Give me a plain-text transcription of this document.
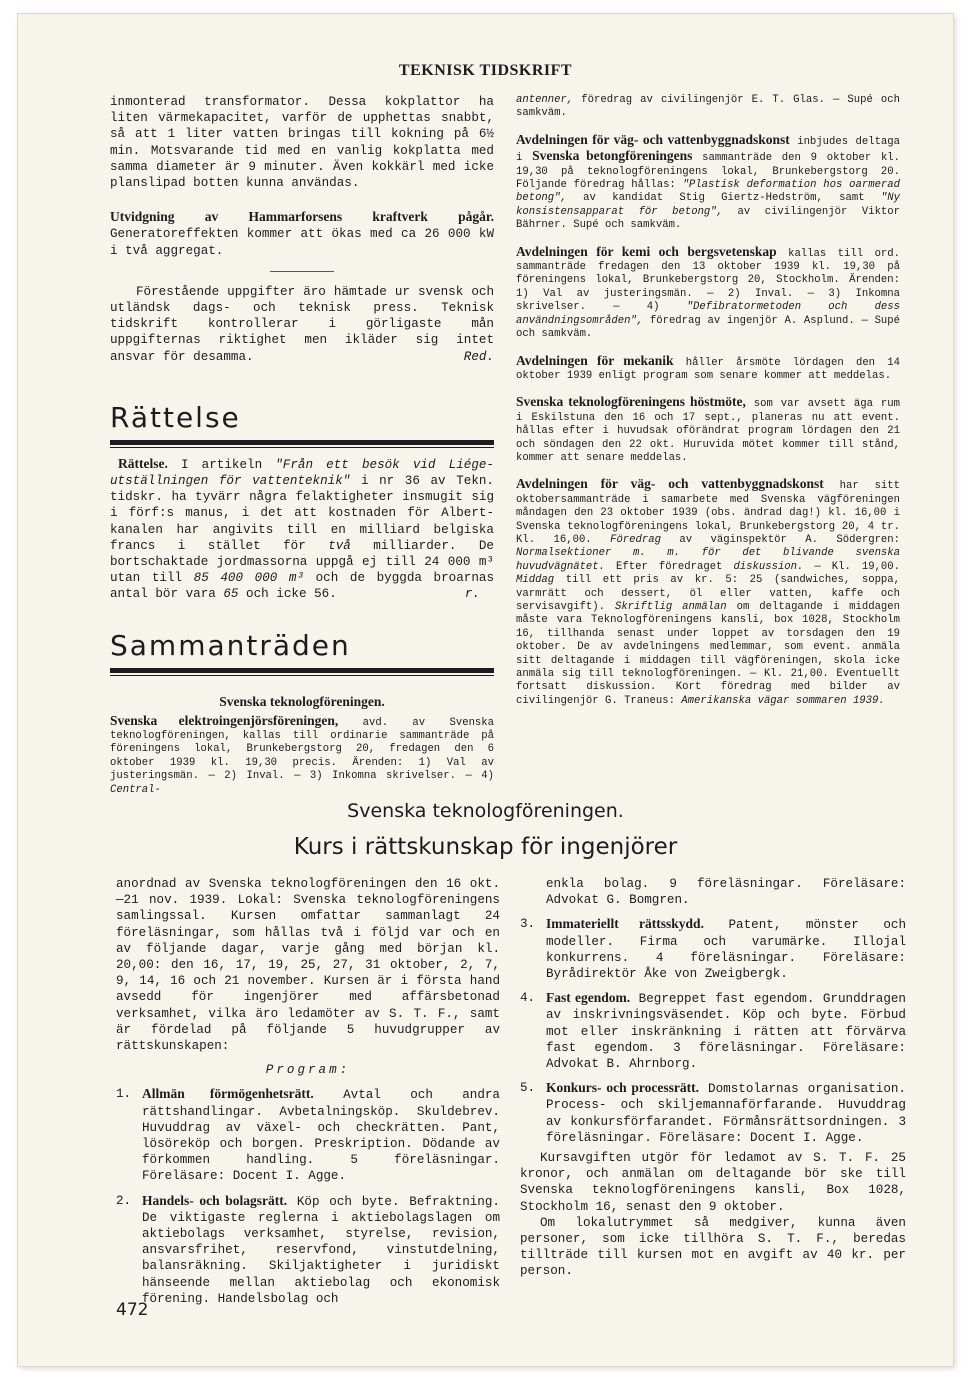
TEKNISK TIDSKRIFT

inmonterad transformator. Dessa kokplattor ha liten värmekapacitet, varför de upphettas snabbt, så att 1 liter vatten bringas till kokning på 6½ min. Motsvarande tid med en vanlig kokplatta med samma diameter är 9 minuter. Även kokkärl med icke planslipad botten kunna användas.

Utvidgning av Hammarforsens kraftverk pågår. Generatoreffekten kommer att ökas med ca 26 000 kW i två aggregat.

Förestående uppgifter äro hämtade ur svensk och utländsk dags- och teknisk press. Teknisk tidskrift kontrollerar i görligaste mån uppgifternas riktighet men ikläder sig intet ansvar för desamma.	Red.

Rättelse

Rättelse. I artikeln "Från ett besök vid Liége-utställningen för vattenteknik" i nr 36 av Tekn. tidskr. ha tyvärr några felaktigheter insmugit sig i förf:s manus, i det att kostnaden för Albert-kanalen har angivits till en milliard belgiska francs i stället för två milliarder. De bortschaktade jordmassorna uppgå ej till 24 000 m³ utan till 85 400 000 m³ och de byggda broarnas antal bör vara 65 och icke 56.	r.

Sammanträden

Svenska teknologföreningen.

Svenska elektroingenjörsföreningen, avd. av Svenska teknologföreningen, kallas till ordinarie sammanträde på föreningens lokal, Brunkebergstorg 20, fredagen den 6 oktober 1939 kl. 19,30 precis. Ärenden: 1) Val av justeringsmän. — 2) Inval. — 3) Inkomna skrivelser. — 4) Central-

antenner, föredrag av civilingenjör E. T. Glas. — Supé och samkväm.

Avdelningen för väg- och vattenbyggnadskonst inbjudes deltaga i Svenska betongföreningens sammanträde den 9 oktober kl. 19,30 på teknologföreningens lokal, Brunkebergstorg 20. Följande föredrag hållas: "Plastisk deformation hos oarmerad betong", av kandidat Stig Giertz-Hedström, samt "Ny konsistensapparat för betong", av civilingenjör Viktor Bährner. Supé och samkväm.

Avdelningen för kemi och bergsvetenskap kallas till ord. sammanträde fredagen den 13 oktober 1939 kl. 19,30 på föreningens lokal, Brunkebergstorg 20, Stockholm. Ärenden: 1) Val av justeringsmän. — 2) Inval. — 3) Inkomna skrivelser. — 4) "Defibratormetoden och dess användningsområden", föredrag av ingenjör A. Asplund. — Supé och samkväm.

Avdelningen för mekanik håller årsmöte lördagen den 14 oktober 1939 enligt program som senare kommer att meddelas.

Svenska teknologföreningens höstmöte, som var avsett äga rum i Eskilstuna den 16 och 17 sept., planeras nu att event. hållas efter i huvudsak oförändrat program lördagen den 21 och söndagen den 22 okt. Huruvida mötet kommer till stånd, kommer att senare meddelas.

Avdelningen för väg- och vattenbyggnadskonst har sitt oktobersammanträde i samarbete med Svenska vägföreningen måndagen den 23 oktober 1939 (obs. ändrad dag!) kl. 16,00 i Svenska teknologföreningens lokal, Brunkebergstorg 20, 4 tr. Kl. 16,00. Föredrag av väginspektör A. Södergren: Normalsektioner m. m. för det blivande svenska huvudvägnätet. Efter föredraget diskussion. — Kl. 19,00. Middag till ett pris av kr. 5: 25 (sandwiches, soppa, varmrätt och dessert, öl eller vatten, kaffe och servisavgift). Skriftlig anmälan om deltagande i middagen måste vara Teknologföreningens kansli, box 1028, Stockholm 16, tillhanda senast under loppet av torsdagen den 19 oktober. De av avdelningens medlemmar, som event. anmäla sitt deltagande i middagen till vägföreningen, skola icke anmäla sig till teknologföreningen. — Kl. 21,00. Eventuellt fortsatt diskussion. Kort föredrag med bilder av civilingenjör G. Traneus: Amerikanska vägar sommaren 1939.

Svenska teknologföreningen.
Kurs i rättskunskap för ingenjörer

anordnad av Svenska teknologföreningen den 16 okt.—21 nov. 1939. Lokal: Svenska teknologföreningens samlingssal. Kursen omfattar sammanlagt 24 föreläsningar, som hållas två i följd var och en av följande dagar, varje gång med början kl. 20,00: den 16, 17, 19, 25, 27, 31 oktober, 2, 7, 9, 14, 16 och 21 november. Kursen är i första hand avsedd för ingenjörer med affärsbetonad verksamhet, vilka äro ledamöter av S. T. F., samt är fördelad på följande 5 huvudgrupper av rättskunskapen:

Program:

1. Allmän förmögenhetsrätt. Avtal och andra rättshandlingar. Avbetalningsköp. Skuldebrev. Huvuddrag av växel- och checkrätten. Pant, lösöreköp och borgen. Preskription. Dödande av förkommen handling. 5 föreläsningar. Föreläsare: Docent I. Agge.
2. Handels- och bolagsrätt. Köp och byte. Befraktning. De viktigaste reglerna i aktiebolagslagen om aktiebolags verksamhet, styrelse, revision, ansvarsfrihet, reservfond, vinstutdelning, balansräkning. Skiljaktigheter i juridiskt hänseende mellan aktiebolag och ekonomisk förening. Handelsbolag och
enkla bolag. 9 föreläsningar. Föreläsare: Advokat G. Bomgren.
3. Immateriellt rättsskydd. Patent, mönster och modeller. Firma och varumärke. Illojal konkurrens. 4 föreläsningar. Föreläsare: Byrådirektör Åke von Zweigbergk.
4. Fast egendom. Begreppet fast egendom. Grunddragen av inskrivningsväsendet. Köp och byte. Förbud mot eller inskränkning i rätten att förvärva fast egendom. 3 föreläsningar. Föreläsare: Advokat B. Ahrnborg.
5. Konkurs- och processrätt. Domstolarnas organisation. Process- och skiljemannaförfarande. Huvuddrag av konkursförfarandet. Förmånsrättsordningen. 3 föreläsningar. Föreläsare: Docent I. Agge.

Kursavgiften utgör för ledamot av S. T. F. 25 kronor, och anmälan om deltagande bör ske till Svenska teknologföreningens kansli, Box 1028, Stockholm 16, senast den 9 oktober.

Om lokalutrymmet så medgiver, kunna även personer, som icke tillhöra S. T. F., beredas tillträde till kursen mot en avgift av 40 kr. per person.

472
